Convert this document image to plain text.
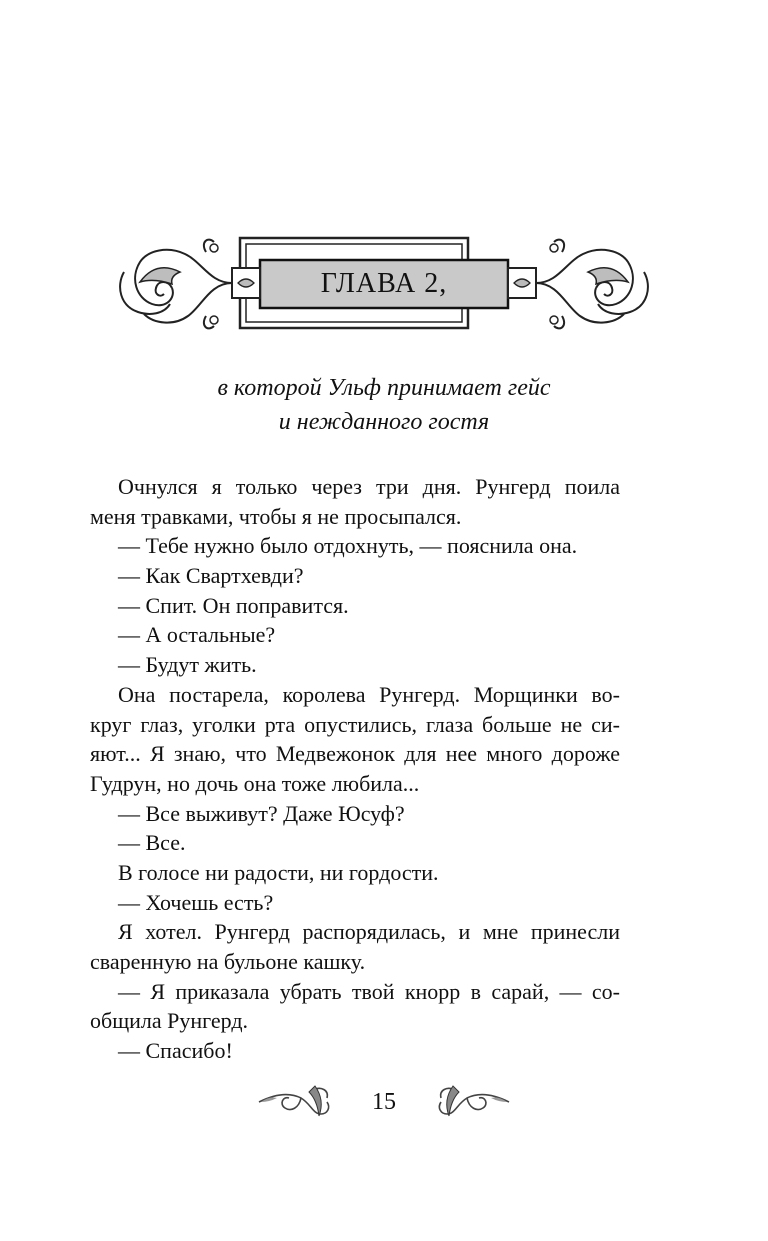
ГЛАВА 2,
в которой Ульф принимает гейс
и нежданного гостя
Очнулся я только через три дня. Рунгерд поила
меня травками, чтобы я не просыпался.
— Тебе нужно было отдохнуть, — пояснила она.
— Как Свартхевди?
— Спит. Он поправится.
— А остальные?
— Будут жить.
Она постарела, королева Рунгерд. Морщинки во-
круг глаз, уголки рта опустились, глаза больше не си-
яют... Я знаю, что Медвежонок для нее много дороже
Гудрун, но дочь она тоже любила...
— Все выживут? Даже Юсуф?
— Все.
В голосе ни радости, ни гордости.
— Хочешь есть?
Я хотел. Рунгерд распорядилась, и мне принесли
сваренную на бульоне кашку.
— Я приказала убрать твой кнорр в сарай, — со-
общила Рунгерд.
— Спасибо!
15
